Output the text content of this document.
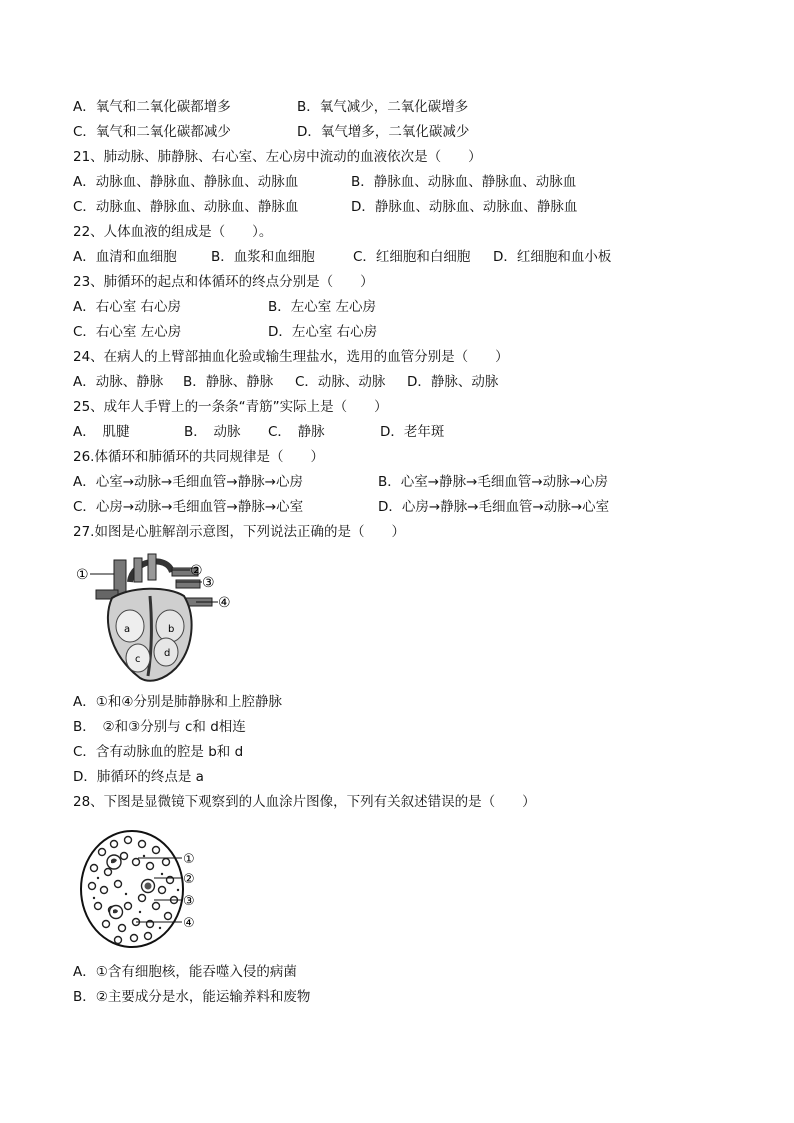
A．氧气和二氧化碳都增多	B．氧气减少，二氧化碳增多
C．氧气和二氧化碳都减少	D．氧气增多，二氧化碳减少
21、肺动脉、肺静脉、右心室、左心房中流动的血液依次是（　　）
A．动脉血、静脉血、静脉血、动脉血	B．静脉血、动脉血、静脉血、动脉血
C．动脉血、静脉血、动脉血、静脉血	D．静脉血、动脉血、动脉血、静脉血
22、人体血液的组成是（　　）。
A．血清和血细胞	B．血浆和血细胞	C．红细胞和白细胞 D．红细胞和血小板
23、肺循环的起点和体循环的终点分别是（　　）
A．右心室 右心房	B．左心室 左心房
C．右心室 左心房	D．左心室 右心房
24、在病人的上臂部抽血化验或输生理盐水，选用的血管分别是（　　）
A．动脉、静脉 B．静脉、静脉 C．动脉、动脉 D．静脉、动脉
25、成年人手臂上的一条条“青筋”实际上是（　　）
A．　肌腱	B．　动脉 C．　静脉	D．老年斑
26.体循环和肺循环的共同规律是（　　）
A．心室→动脉→毛细血管→静脉→心房	B．心室→静脉→毛细血管→动脉→心房
C．心房→动脉→毛细血管→静脉→心室	D．心房→静脉→毛细血管→动脉→心室
27.如图是心脏解剖示意图，下列说法正确的是（　　）
a	b
c
d
①	②
③
④
A．①和④分别是肺静脉和上腔静脉
B．　②和③分别与 c和 d相连
C．含有动脉血的腔是 b和 d
D．肺循环的终点是 a
28、下图是显微镜下观察到的人血涂片图像，下列有关叙述错误的是（　　）
①
②
③
④
A．①含有细胞核，能吞噬入侵的病菌
B．②主要成分是水，能运输养料和废物
